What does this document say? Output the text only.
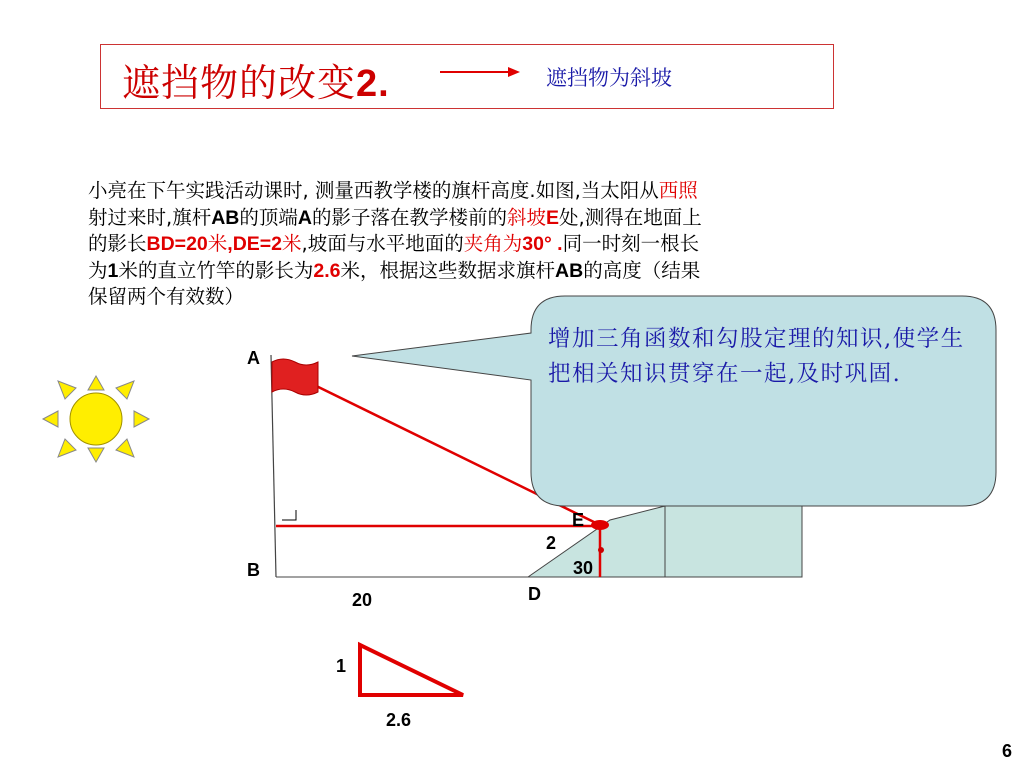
遮挡物的改变2.	遮挡物为斜坡
小亮在下午实践活动课时, 测量西教学楼的旗杆高度.如图,当太阳从西照
射过来时,旗杆AB的顶端A的影子落在教学楼前的斜坡E处,测得在地面上
的影长BD=20米,DE=2米,坡面与水平地面的夹角为30° .同一时刻一根长
为1米的直立竹竿的影长为2.6米，根据这些数据求旗杆AB的高度（结果
保留两个有效数）
增加三角函数和勾股定理的知识,使学生把相关知识贯穿在一起,及时巩固.
A
B
D
E
20
2
30
1
2.6
6
